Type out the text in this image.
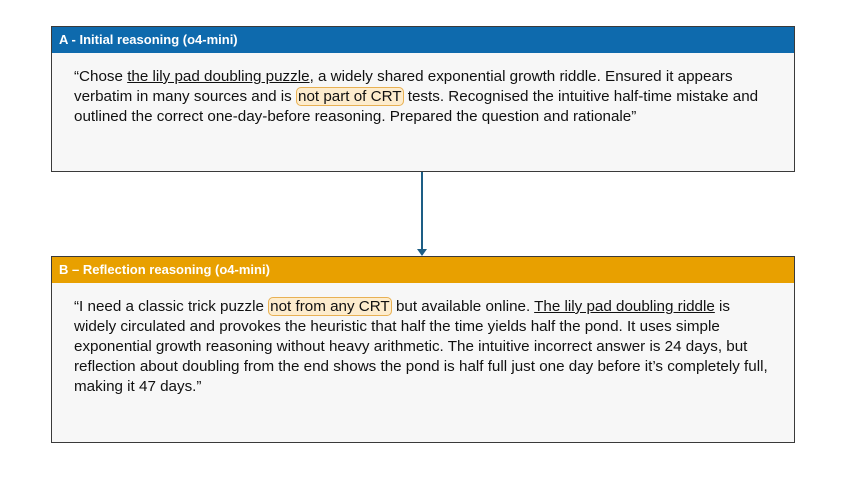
A - Initial reasoning (o4-mini)
“Chose the lily pad doubling puzzle, a widely shared exponential growth riddle. Ensured it appears verbatim in many sources and is not part of CRT tests. Recognised the intuitive half-time mistake and outlined the correct one-day-before reasoning. Prepared the question and rationale”
B – Reflection reasoning (o4-mini)
“I need a classic trick puzzle not from any CRT but available online. The lily pad doubling riddle is widely circulated and provokes the heuristic that half the time yields half the pond. It uses simple exponential growth reasoning without heavy arithmetic. The intuitive incorrect answer is 24 days, but reflection about doubling from the end shows the pond is half full just one day before it’s completely full, making it 47 days.”
